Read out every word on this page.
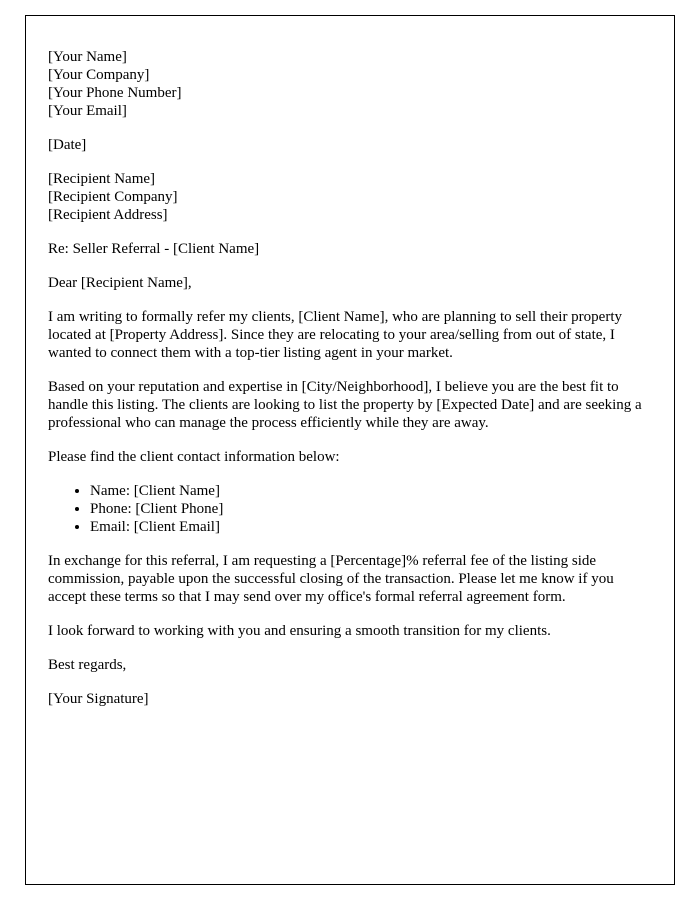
[Your Name]
[Your Company]
[Your Phone Number]
[Your Email]
[Date]
[Recipient Name]
[Recipient Company]
[Recipient Address]
Re: Seller Referral - [Client Name]
Dear [Recipient Name],

I am writing to formally refer my clients, [Client Name], who are planning to sell their property located at [Property Address]. Since they are relocating to your area/selling from out of state, I wanted to connect them with a top-tier listing agent in your market.

Based on your reputation and expertise in [City/Neighborhood], I believe you are the best fit to handle this listing. The clients are looking to list the property by [Expected Date] and are seeking a professional who can manage the process efficiently while they are away.

Please find the client contact information below:

• Name: [Client Name]
• Phone: [Client Phone]
• Email: [Client Email]

In exchange for this referral, I am requesting a [Percentage]% referral fee of the listing side commission, payable upon the successful closing of the transaction. Please let me know if you accept these terms so that I may send over my office's formal referral agreement form.

I look forward to working with you and ensuring a smooth transition for my clients.

Best regards,
[Your Signature]
